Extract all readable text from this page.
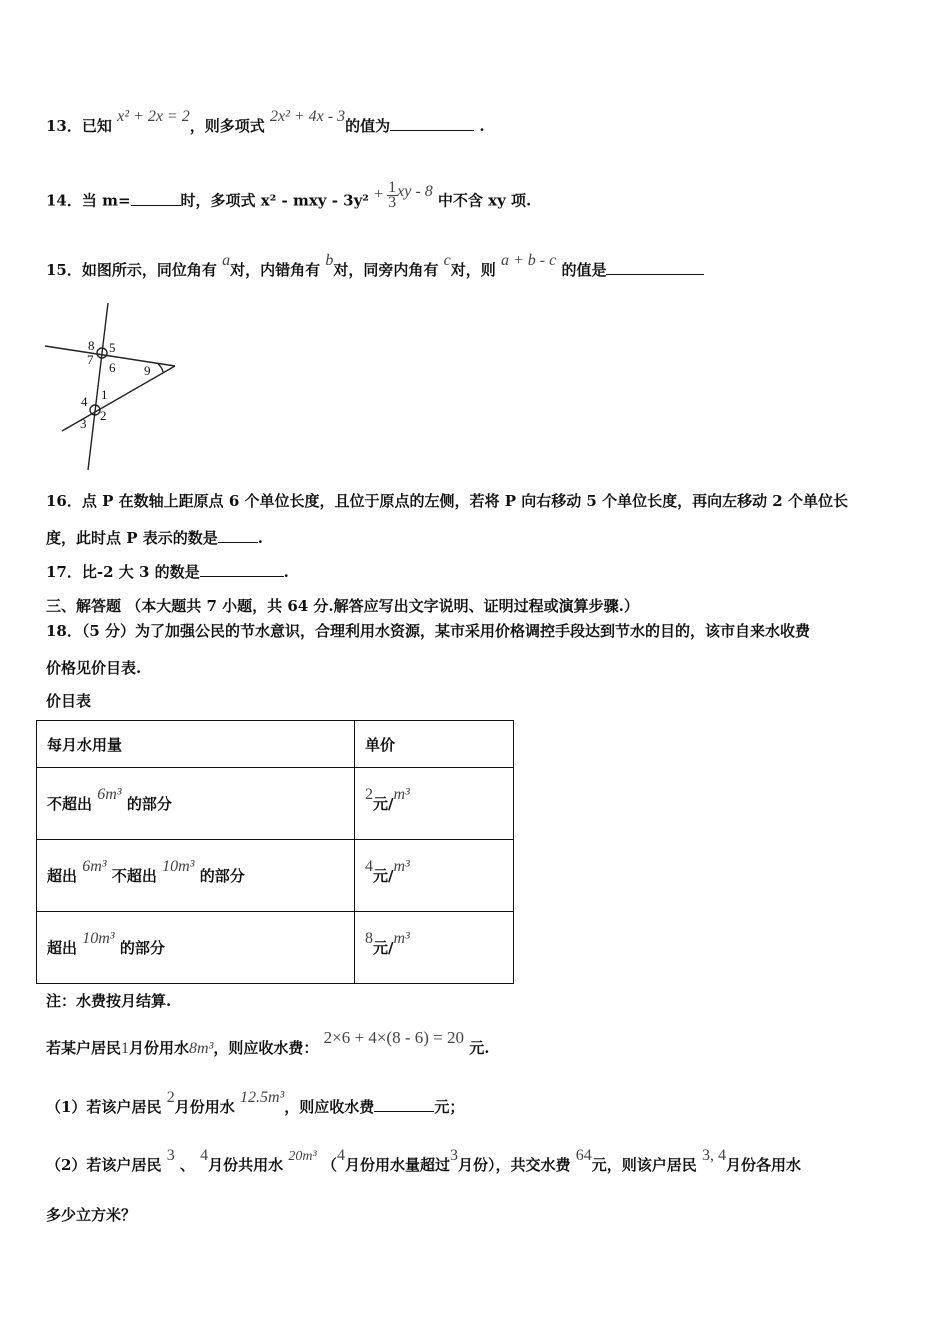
13．已知 x² + 2x = 2，则多项式 2x² + 4x - 3的值为	.
14．当 m=	时，多项式 x² - mxy - $3y^2 + \frac{1}{3}$ xy - 8 中不含 xy 项.
15．如图所示，同位角有 a对，内错角有 b对，同旁内角有 c对，则 a + b - c 的值是
8 5
7
6 9
4 1
3
2
16．点 P 在数轴上距原点 6 个单位长度，且位于原点的左侧，若将 P 向右移动 5 个单位长度，再向左移动 2 个单位长
度，此时点 P 表示的数是	.
17．比-2 大 3 的数是	.
三、解答题 （本大题共 7 小题，共 64 分.解答应写出文字说明、证明过程或演算步骤.）
18．（5 分）为了加强公民的节水意识，合理利用水资源，某市采用价格调控手段达到节水的目的，该市自来水收费
价格见价目表.
价目表
每月水用量	单价
不超出 6m³ 的部分	2元/m³
超出 6m³ 不超出 10m³ 的部分	4元/m³
超出 10m³ 的部分	8元/m³
注：水费按月结算.
若某户居民1月份用水8m³，则应收水费： 2×6 + 4×(8 - 6) = 20 元.
（1）若该户居民 2月份用水 12.5m³，则应收水费	元；
（2）若该户居民 3 、 4月份共用水 20m³ （4月份用水量超过3月份），共交水费 64元，则该户居民 3, 4月份各用水
多少立方米？
